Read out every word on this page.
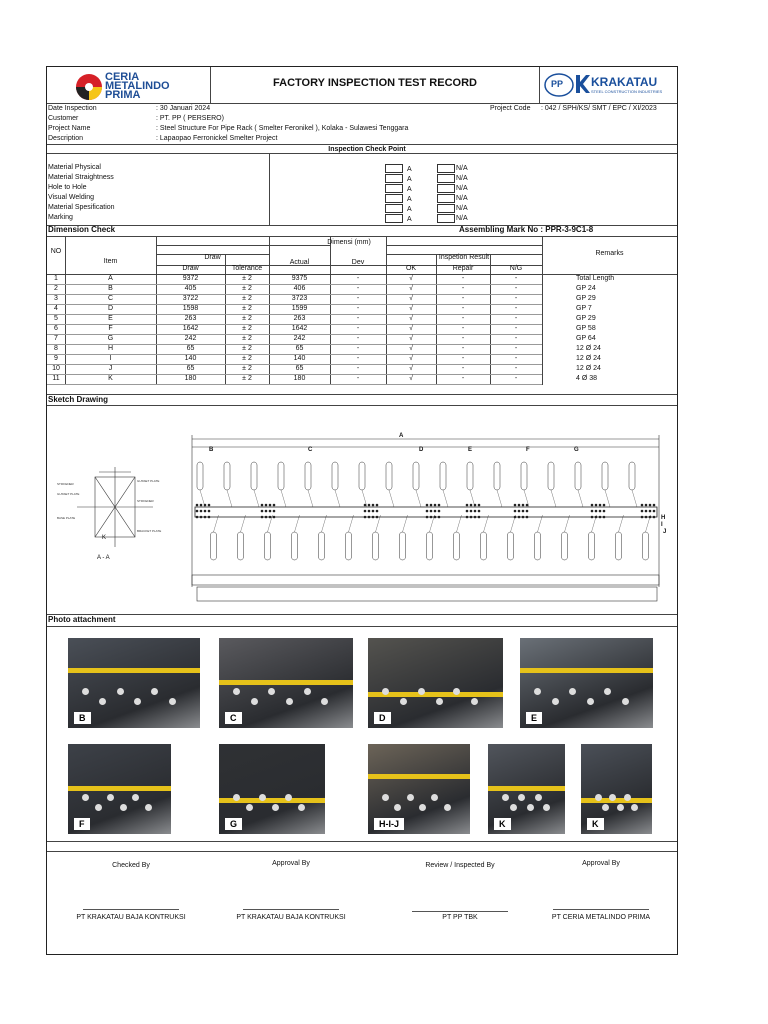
CERIA
METALINDO
PRIMA
FACTORY INSPECTION TEST RECORD	PP KRAKATAU
STEEL CONSTRUCTION INDUSTRIES
Date Inspection	: 30 Januari 2024	Project Code : 042 / SPH/KS/ SMT / EPC / XI/2023
Customer	: PT. PP ( PERSERO)
Project Name	: Steel Structure For Pipe Rack ( Smelter Feronikel ), Kolaka - Sulawesi Tenggara
Description	: Lapaopao Ferronickel Smelter Project
Inspection Check Point
Material Physical	A	N/A
Material Straightness	A	N/A
Hole to Hole	A	N/A
Visual Welding	A	N/A
Material Spesification	A	N/A
Marking	A	N/A
Dimension Check	Assembling Mark No : PPR-3-9C1-8
NO
Dimensi (mm)
Item
Draw
Draw	Tolerance
Actual	Dev
Inspetion Result
OK	Repair	N/G
Remarks
1	A	9372	± 2	9375	-	√	-	-	Total Length
2	B	405	± 2	406	-	√	-	-	GP 24
3	C	3722	± 2	3723	-	√	-	-	GP 29
4	D	1598	± 2	1599	-	√	-	-	GP 7
5	E	263	± 2	263	-	√	-	-	GP 29
6	F	1642	± 2	1642	-	√	-	-	GP 58
7	G	242	± 2	242	-	√	-	-	GP 64
8	H	65	± 2	65	-	√	-	-	12 Ø 24
9	I	140	± 2	140	-	√	-	-	12 Ø 24
10	J	65	± 2	65	-	√	-	-	12 Ø 24
11	K	180	± 2	180	-	√	-	-	4 Ø 38
Sketch Drawing
STIFFENER
GUSSET PLATE
GUSSET PLATE
STIFFENER
BASE PLATE
BRACKET PLATE
A - A
K
A
B	C	D	E	F	G
H
I
J
Photo attachment
B	C	D	E
F	G	H-I-J	K	K
Checked By
PT KRAKATAU BAJA KONTRUKSI
Approval By
PT KRAKATAU BAJA KONTRUKSI
Review / Inspected By
PT PP TBK
Approval By
PT CERIA METALINDO PRIMA
